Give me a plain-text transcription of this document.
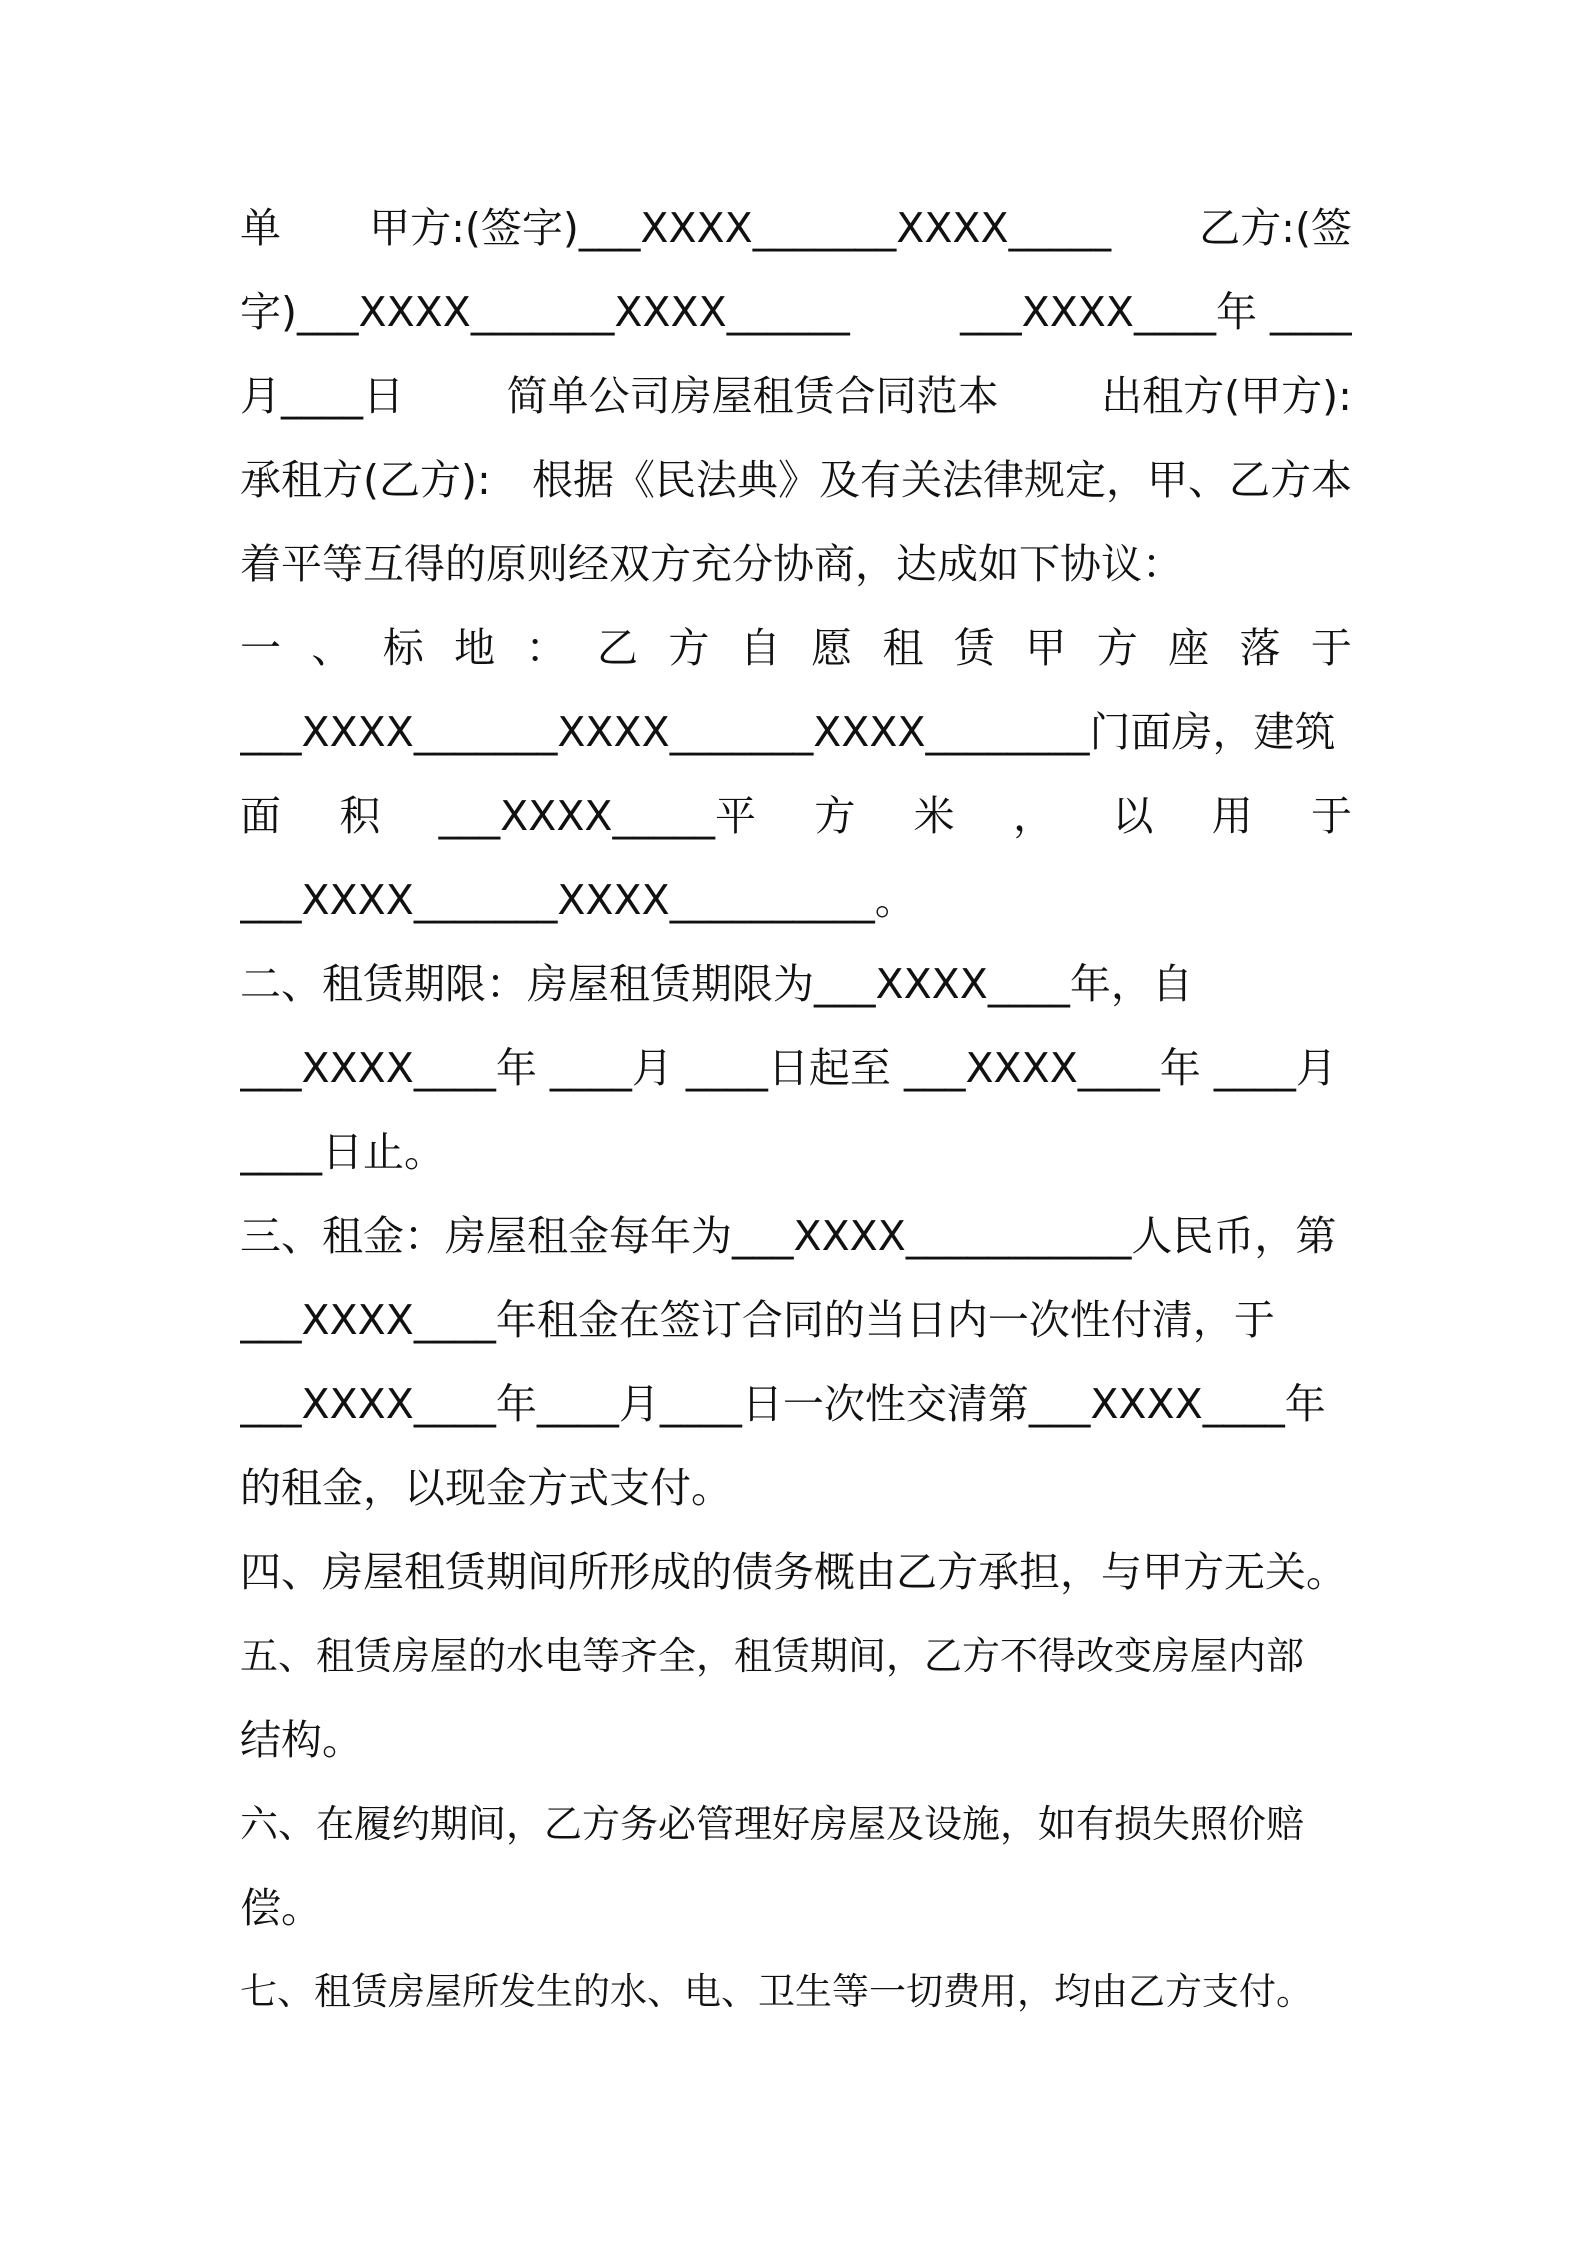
单 甲方:(签字)___XXXX_______XXXX_____ 乙方:(签
字)___XXXX_______XXXX______	___XXXX____年 ____
月____日	简单公司房屋租赁合同范本	出租方(甲方):
承租方(乙方): 根据《民法典》及有关法律规定，甲、乙方本
着平等互得的原则经双方充分协商，达成如下协议：
一 、 标 地 ： 乙 方 自 愿 租 赁 甲 方 座 落 于
___XXXX_______XXXX_______XXXX________门面房，建筑
面 积 ___XXXX_____平 方 米 ， 以 用 于
___XXXX_______XXXX__________。
二、租赁期限：房屋租赁期限为___XXXX____年，自
___XXXX____年 ____月 ____日起至 ___XXXX____年 ____月
____日止。
三、租金：房屋租金每年为___XXXX___________人民币，第
___XXXX____年租金在签订合同的当日内一次性付清，于
___XXXX____年____月____日一次性交清第___XXXX____年
的租金，以现金方式支付。
四、房屋租赁期间所形成的债务概由乙方承担，与甲方无关。
五、租赁房屋的水电等齐全，租赁期间，乙方不得改变房屋内部
结构。
六、在履约期间，乙方务必管理好房屋及设施，如有损失照价赔
偿。
七、租赁房屋所发生的水、电、卫生等一切费用，均由乙方支付。
